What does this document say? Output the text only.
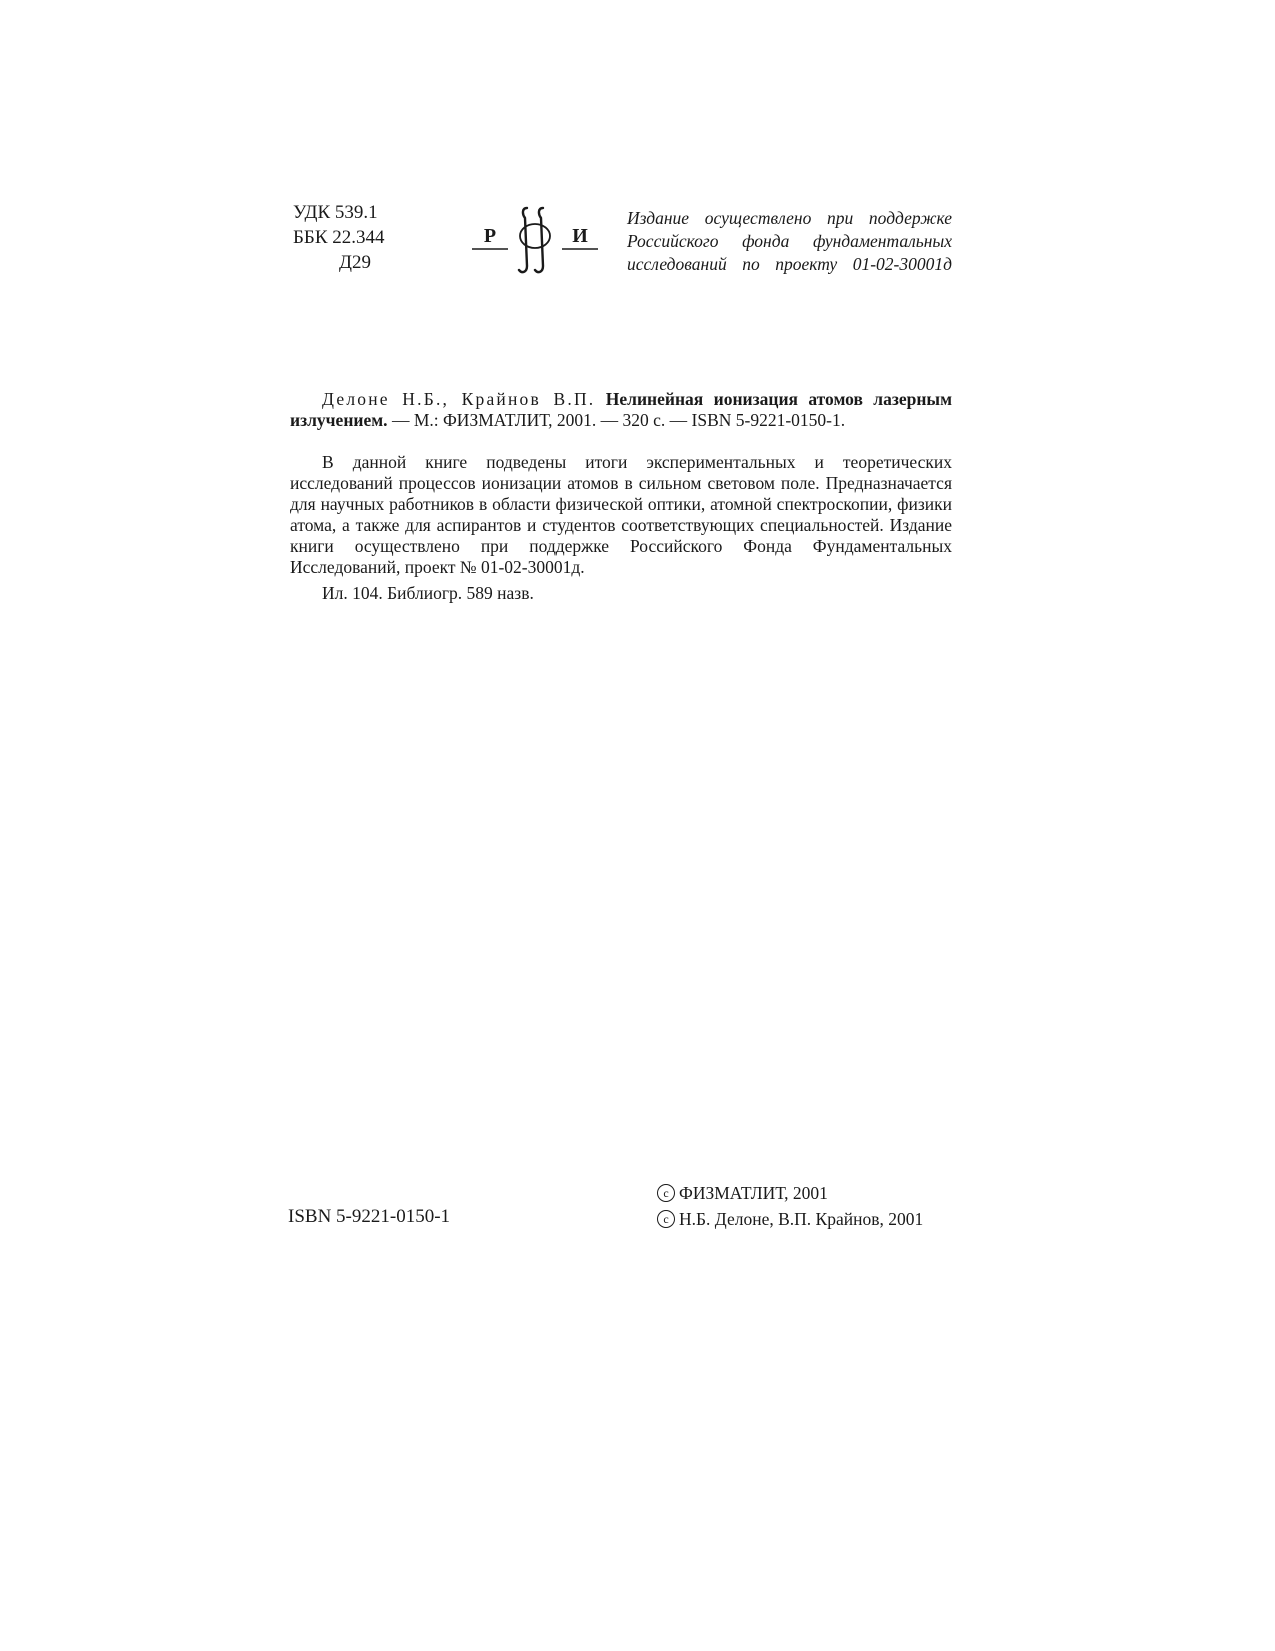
УДК 539.1
ББК 22.344
Д29
Р	И
Издание осуществлено при поддержке
Российского фонда фундаментальных
исследований по проекту 01-02-30001д
Делоне Н.Б., Крайнов В.П. Нелинейная ионизация атомов лазерным излучением. — М.: ФИЗМАТЛИТ, 2001. — 320 с. — ISBN 5-9221-0150-1.

В данной книге подведены итоги экспериментальных и теоретических исследований процессов ионизации атомов в сильном световом поле. Предназначается для научных работников в области физической оптики, атомной спектроскопии, физики атома, а также для аспирантов и студентов соответствующих специальностей. Издание книги осуществлено при поддержке Российского Фонда Фундаментальных Исследований, проект № 01-02-30001д.

Ил. 104. Библиогр. 589 назв.
ISBN 5-9221-0150-1
c ФИЗМАТЛИТ, 2001
c Н.Б. Делоне, В.П. Крайнов, 2001
